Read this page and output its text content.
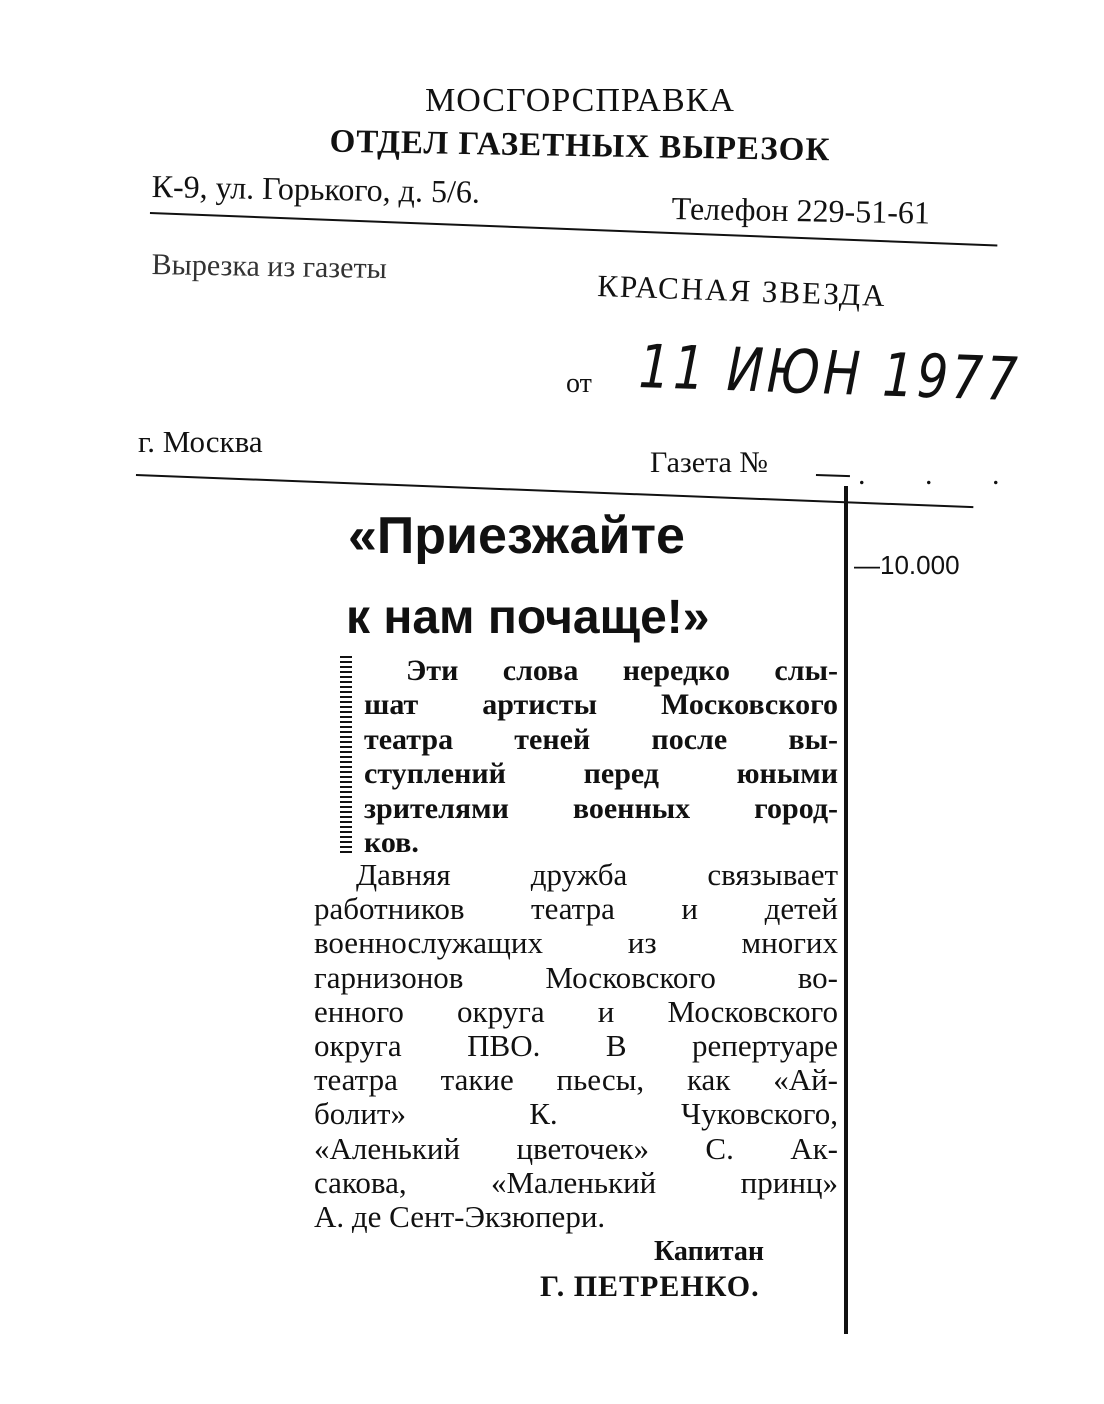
МОСГОРСПРАВКА
ОТДЕЛ ГАЗЕТНЫХ ВЫРЕЗОК
К-9, ул. Горького, д. 5/6.
Телефон 229-51-61
Вырезка из газеты
КРАСНАЯ ЗВЕЗДА
от 11 ИЮН 1977
г. Москва
Газета №	. . .
—10.000
«Приезжайте
к нам почаще!»
Эти слова нередко слы-
шат артисты Московского
театра теней после вы-
ступлений перед юными
зрителями военных город-
ков.
Давняя дружба связывает
работников театра и детей
военнослужащих из многих
гарнизонов Московского во-
енного округа и Московского
округа ПВО. В репертуаре
театра такие пьесы, как «Ай-
болит» К. Чуковского,
«Аленький цветочек» С. Ак-
сакова, «Маленький принц»
А. де Сент-Экзюпери.
Капитан
Г. ПЕТРЕНКО.
